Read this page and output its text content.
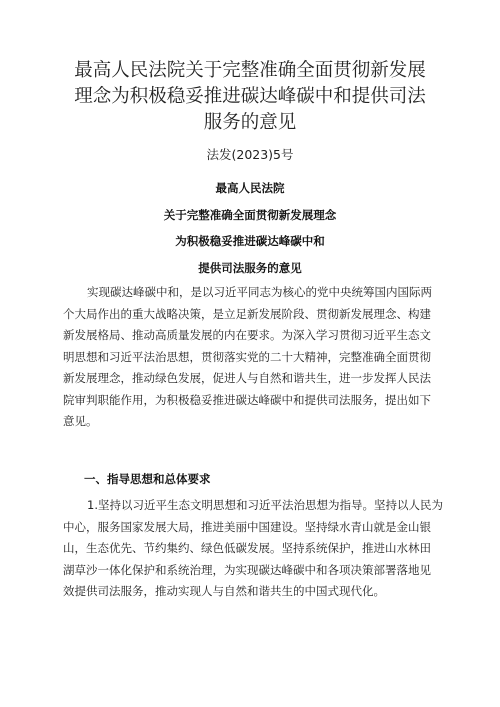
最高人民法院关于完整准确全面贯彻新发展
理念为积极稳妥推进碳达峰碳中和提供司法
服务的意见
法发(2023)5号
最高人民法院
关于完整准确全面贯彻新发展理念
为积极稳妥推进碳达峰碳中和
提供司法服务的意见
实现碳达峰碳中和，是以习近平同志为核心的党中央统筹国内国际两
个大局作出的重大战略决策，是立足新发展阶段、贯彻新发展理念、构建
新发展格局、推动高质量发展的内在要求。为深入学习贯彻习近平生态文
明思想和习近平法治思想，贯彻落实党的二十大精神，完整准确全面贯彻
新发展理念，推动绿色发展，促进人与自然和谐共生，进一步发挥人民法
院审判职能作用，为积极稳妥推进碳达峰碳中和提供司法服务，提出如下
意见。
一、指导思想和总体要求
1.坚持以习近平生态文明思想和习近平法治思想为指导。坚持以人民为
中心，服务国家发展大局，推进美丽中国建设。坚持绿水青山就是金山银
山，生态优先、节约集约、绿色低碳发展。坚持系统保护，推进山水林田
湖草沙一体化保护和系统治理，为实现碳达峰碳中和各项决策部署落地见
效提供司法服务，推动实现人与自然和谐共生的中国式现代化。
